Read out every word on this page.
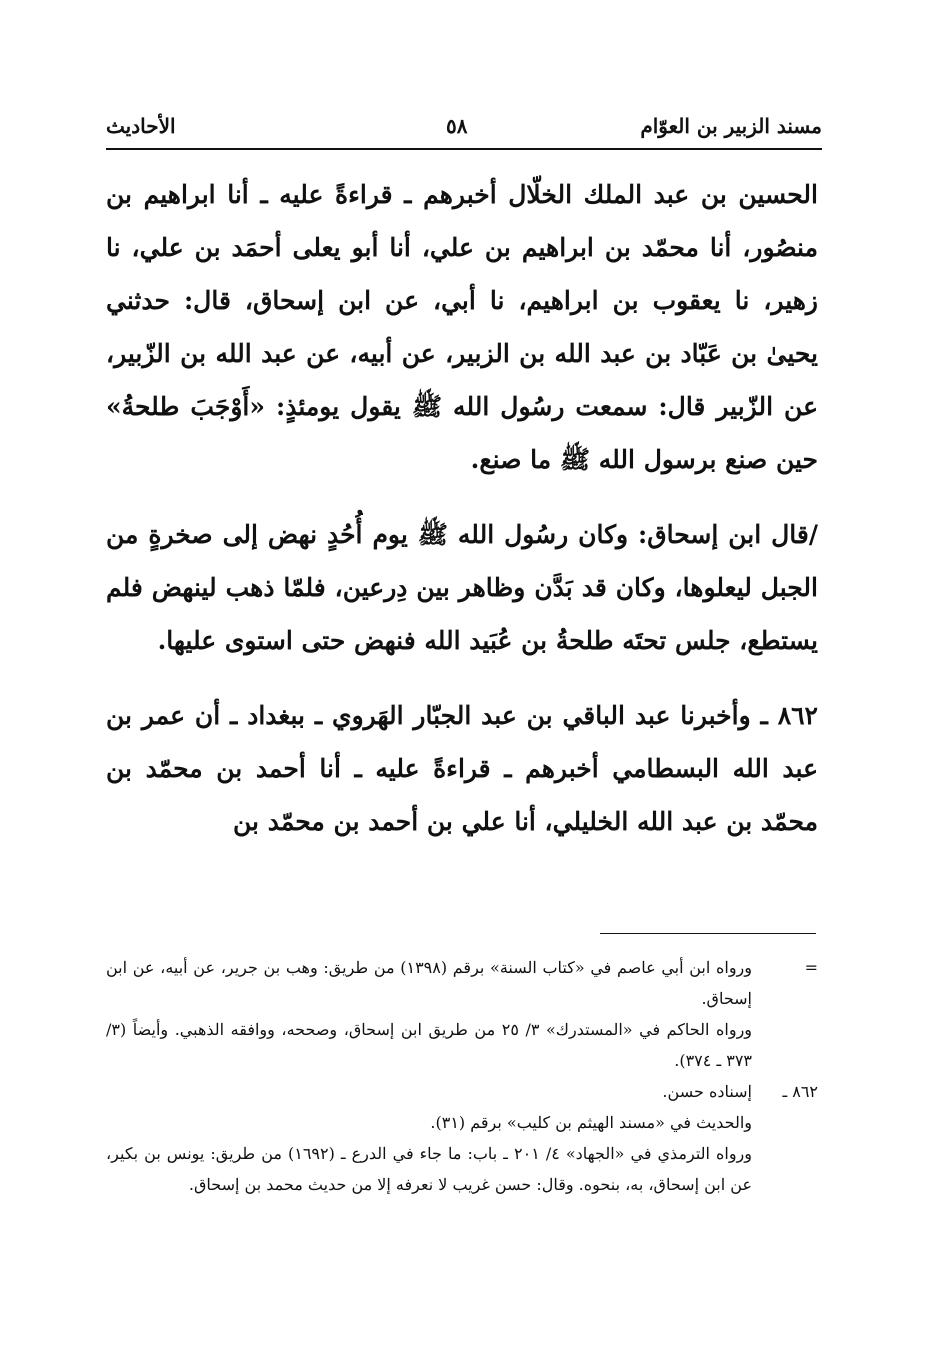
مسند الزبير بن العوّام
٥٨
الأحاديث

الحسين بن عبد الملك الخلّال أخبرهم ـ قراءةً عليه ـ أنا ابراهيم بن منصُور، أنا محمّد بن ابراهيم بن علي، أنا أبو يعلى أحمَد بن علي، نا زهير، نا يعقوب بن ابراهيم، نا أبي، عن ابن إسحاق، قال: حدثني يحيىٰ بن عَبّاد بن عبد الله بن الزبير، عن أبيه، عن عبد الله بن الزّبير، عن الزّبير قال: سمعت رسُول الله ﷺ يقول يومئذٍ: «أَوْجَبَ طلحةُ» حين صنع برسول الله ﷺ ما صنع.

/قال ابن إسحاق: وكان رسُول الله ﷺ يوم أُحُدٍ نهض إلى صخرةٍ من الجبل ليعلوها، وكان قد بَدَّن وظاهر بين دِرعين، فلمّا ذهب لينهض فلم يستطع، جلس تحتَه طلحةُ بن عُبَيد الله فنهض حتى استوى عليها.

٨٦٢ ـ وأخبرنا عبد الباقي بن عبد الجبّار الهَروي ـ ببغداد ـ أن عمر بن عبد الله البسطامي أخبرهم ـ قراءةً عليه ـ أنا أحمد بن محمّد بن محمّد بن عبد الله الخليلي، أنا علي بن أحمد بن محمّد بن

=
ورواه ابن أبي عاصم في «كتاب السنة» برقم (١٣٩٨) من طريق: وهب بن جرير، عن أبيه، عن ابن إسحاق.
ورواه الحاكم في «المستدرك» ٣/ ٢٥ من طريق ابن إسحاق، وصححه، ووافقه الذهبي. وأيضاً (٣/ ٣٧٣ ـ ٣٧٤).
٨٦٢ ـ
إسناده حسن.
والحديث في «مسند الهيثم بن كليب» برقم (٣١).
ورواه الترمذي في «الجهاد» ٤/ ٢٠١ ـ باب: ما جاء في الدرع ـ (١٦٩٢) من طريق: يونس بن بكير، عن ابن إسحاق، به، بنحوه. وقال: حسن غريب لا نعرفه إلا من حديث محمد بن إسحاق.
